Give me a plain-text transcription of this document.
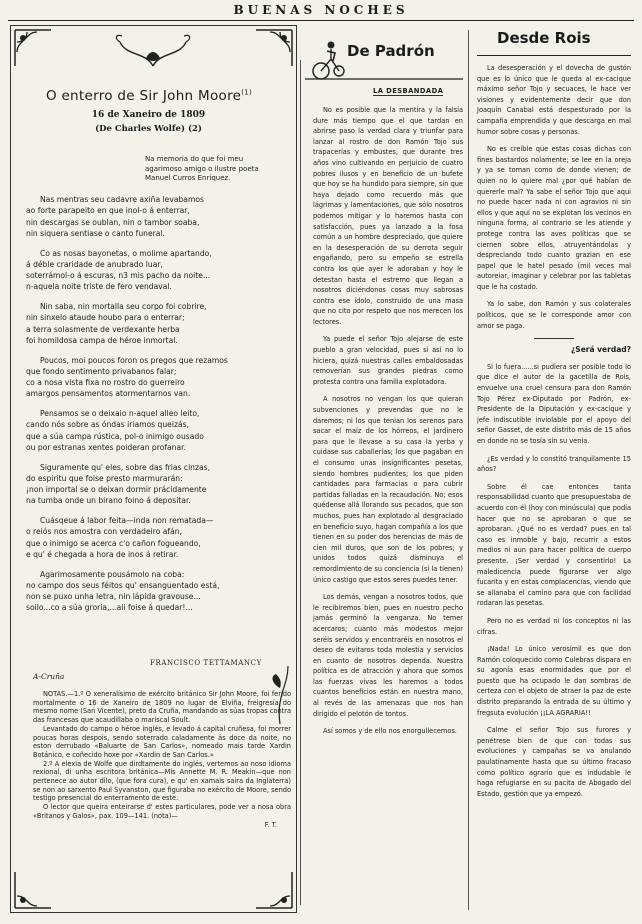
BUENAS NOCHES
O enterro de Sir John Moore$^{(1)}$
16 de Xaneiro de 1809
(De Charles Wolfe) (2)
Na memoria do que foi meu
agarimoso amigo o ilustre poeta
Manuel Curros Enríquez.
Nas mentras seu cadavre axiña levabamos
ao forte parapeito en que inol-o á enterrar,
nin descargas se oublan, nin o tambor soaba,
nin siquera sentiase o canto funeral.
Co as nosas bayonetas, o molime apartando,
á déble craridade de anubrado luar,
soterrámol-o á escuras, n3 mis pacho da noite...
n-aquela noite triste de fero vendaval.
Nin saba, nin mortalla seu corpo foi cobrire,
nin sinxelo ataude houbo para o enterrar;
a terra solasmente de verdexante herba
foi homildosa campa de héroe inmortal.
Poucos, moi poucos foron os pregos que rezamos
que fondo sentimento privabanos falar;
co a nosa vista fixa no rostro do guerreiro
amargos pensamentos atormentarnos van.
Pensamos se o deixaio n-aquel alleo leito,
cando nós sobre as óndas iriamos queizás,
que a súa campa rústica, pol-o inimigo ousado
ou por estranas xentes poideran profanar.
Siguramente qu' eles, sobre das frias cinzas,
do espiritu que foise presto marmurarán:
¡non importal se o deixan dormir prácidamente
na tumba onde un birano foino á depositar.
Cuásqeue á labor feita—inda non rematada—
o reiós nos amostra con verdadeiro afán,
que o inimigo se acerca c'o cañon fogueando,
e qu' é chegada a hora de inos á retirar.
Agarimosamente pousámolo na coba:
no campo dos seus féitos qu' ensanguentado está,
non se puxo unha letra, nin lápida gravouse...
soilo...co a súa groria,...ali foise á quedar!...
FRANCISCO TETTAMANCY
A-Cruña

NOTAS.—1.º O xeneralísimo de exército británico Sir John Moore, foi ferido mortalmente o 16 de Xaneiro de 1809 no lugar de Elviña, freigresía do mesmo nome (San Vicente), preto da Cruña, mandando as súas tropas contra das francesas que acaudillaba o mariscal Soult.

Levantado do campo o héroe inglés, e levado á capital cruñesa, foi morrer poucas horas despois, sendo soterrado caladamente ás doce da noite, no eston derrubado «Baluarte de San Carlos», nomeado mais tarde Xardin Botánico, e coñecido hoxe por «Xardin de San Carlos.»

2.º A elexia de Wolfe que dirdtamente do inglés, vertemos ao noso idioma rexional, di unha escritora británica—Mis Annette M. R. Meakin—que non pertenece ao autor dilo, (que fora cura), e qu' en xamais saira da Inglaterra) se non ao sarxento Paul Syvanston, que figuraba no exército de Moore, sendo testigo presencial do enterramento de este.

O lector que queira enteirarse d' estes particulares, pode ver a nosa obra «Britanos y Galos», pax. 109—141. (nota)—

F. T.

De Padrón
LA DESBANDADA

No es posible que la mentira y la falsía dure más tiempo que el que tardan en abrirse paso la verdad clara y triunfar para lanzar al rostro de don Ramón Tojo sus trapacerías y embustes, que durante tres años vino cultivando en perjuicio de cuatro pobres ilusos y en beneficio de un bufete que hoy se ha hundido para siempre, sin que haya dejado como recuerdo más que lágrimas y lamentaciones, que sólo nosotros podemos mitigar y lo haremos hasta con satisfacción, pues ya lanzado a la fosa común a un hombre despreciado, que quiere en la desesperación de su derrota seguir engañando, pero su empeño se estrella contra los que ayer le adoraban y hoy le detestan hasta el estremo que llegan a nosotros diciéndonos cosas muy sabrosas contra ese ídolo, construido de una masa que no cito por respeto que nos merecen los lectores.

Ya puede el señor Tojo alejarse de este pueblo a gran velocidad, pues si así no lo hiciera, quizá nuestras calles embaldosadas removerían sus grandes piedras como protesta contra una familia explotadora.

A nosotros no vengan los que quieran subvenciones y prevendas que no le daremos; ni los que tenian los serenos para sacar el maíz de los hórreos, el jardinero para que le llevase a su casa la yerba y cuidase sus caballerías; los que pagaban en el consumo unas insignificantes pesetas, siendo hombres pudientes; los que piden cantidades para farmacias o para cubrir partidas falladas en la recaudación. No; esos quédense allá llorando sus pecados, que son muchos, pues han explotado al desgraciado en beneficio suyo, hagan compañía a los que tienen en su poder dos herencias de más de cien mil duros, que son de los pobres; y unidos todos quizá disminuya el remordimiento de su conciencia (si la tienen) único castigo que estos seres puedes tener.

Los demás, vengan a nosotros todos, que le recibiremos bien, pues en nuestro pecho jamás germinó la venganza. No temer acercaros; cuanto más modestos mejor seréis servidos y encontraréis en nosotros el deseo de evitaros toda molestia y servicios en cuanto de nosotros dependa. Nuestra política es de atracción y ahora que somos las fuerzas vivas les haremos a todos cuantos beneficios están en nuestra mano, al revés de las amenazas que nos han dirigido el pelotón de tontos.

Así somos y de ello nos enorgullecemos.

Desde Rois

La desesperación y el dovecha de gustón que es lo único que le queda al ex-cacique máximo señor Tojo y secuaces, le hace ver visiones y evidentemente decir que don Joaquín Canabal está despesturado por la campaña emprendida y que descarga en mal humor sobre cosas y personas.

No es creíble que estas cosas dichas con fines bastardos nolamente; se lee en la oreja y ya se toman como de donde vienen; de quien no lo quiere mal ¿por qué habían de quererle mal? Ya sabe el señor Tojo que aqui no puede hacer nada ni con agravios ni sin ellos y que aquí no se explotan los vecinos en ninguna forma, al contrario se les atiende y protege contra las aves políticas que se ciernen sobre ellos, atruyentándolas y despreciando todo cuanto grazian en ese papel que le hatel pesado (mil veces mal autoreiar, imaginar y celebrar por las tabletas que le ha costado.

Ya lo sabe, don Ramón y sus colaterales políticos, que se le corresponde amor con amor se paga.

¿Será verdad?

Si lo fuera......si pudiera ser posible todo lo que dice el autor de la gacetilla de Rois, envuelve una cruel censura para don Ramón Tojo Pérez ex-Diputado por Padrón, ex-Presidente de la Diputación y ex-cacique y jefe indiscutible inviolable por el apoyo del señor Gasset, de este distrito más de 15 años en donde no se tosía sin su venia.

¿Es verdad y lo constitó tranquilamente 15 años?

Sobre él cae entonces tanta responsabilidad cuanto que presupuestaba de acuerdo con él (hoy con minúscula) que podía hacer que no se aprobaran o que se aprobaran. ¿Qué no es verdad? pues en tal caso es inmoble y bajo, recurrir a estos medios ni aun para hacer política de cuerpo presente. ¡Ser verdad y consentirlo! La maledicencia puede figurarse ver algo fucarita y en estas complacencias, viendo que se allanaba el camino para que con facilidad rodaran las pesetas.

Pero no es verdad ni los conceptos ni las cifras.

¡Nada! Lo único verosímil es que don Ramón coloquecido como Culebras dispara en su agonía esas enormidades que por el puesto que ha ocupado le dan sombras de certeza con el objeto de atraer la paz de este distrito preparando la entrada de su último y fregsuta evolución ¡¡LA AGRARIA!!

Calme el señor Tojo sus furores y penétrese bien de que con todas sus evoluciones y campañas se va anulando paulatinamente hasta que su último fracaso como político agrario que es indudable le haga refugiarse en su pacita de Abogado del Estado, gestión que ya empezó.
